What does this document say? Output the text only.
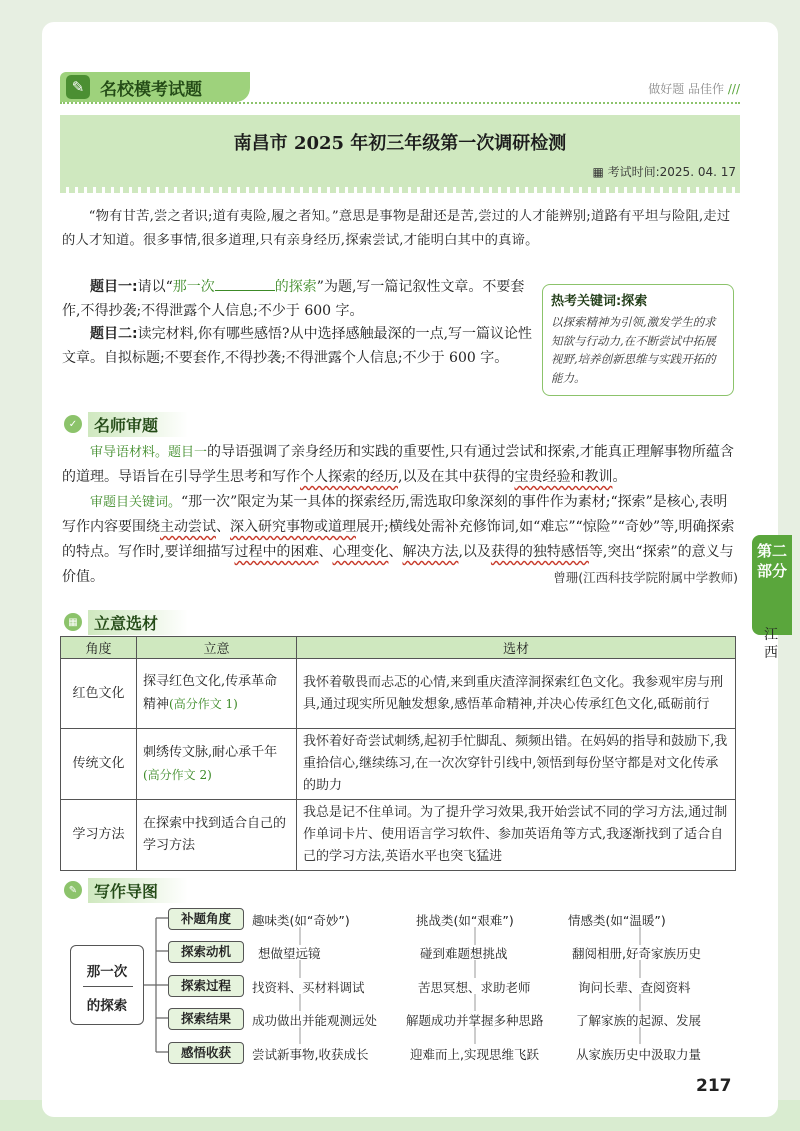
✎ 名校模考试题	做好题 品佳作 ///
南昌市 2025 年初三年级第一次调研检测
▦ 考试时间:2025. 04. 17
“物有甘苦,尝之者识;道有夷险,履之者知。”意思是事物是甜还是苦,尝过的人才能辨别;道路有平坦与险阻,走过的人才知道。很多事情,很多道理,只有亲身经历,探索尝试,才能明白其中的真谛。

题目一:请以“那一次	的探索”为题,写一篇记叙性文章。不要套作,不得抄袭;不得泄露个人信息;不少于 600 字。

题目二:读完材料,你有哪些感悟?从中选择感触最深的一点,写一篇议论性文章。自拟标题;不要套作,不得抄袭;不得泄露个人信息;不少于 600 字。

热考关键词:探索
以探索精神为引领,激发学生的求知欲与行动力,在不断尝试中拓展视野,培养创新思维与实践开拓的能力。
✓	名师审题

审导语材料。题目一的导语强调了亲身经历和实践的重要性,只有通过尝试和探索,才能真正理解事物所蕴含的道理。导语旨在引导学生思考和写作个人探索的经历,以及在其中获得的宝贵经验和教训。

审题目关键词。“那一次”限定为某一具体的探索经历,需选取印象深刻的事件作为素材;“探索”是核心,表明写作内容要围绕主动尝试、深入研究事物或道理展开;横线处需补充修饰词,如“难忘”“惊险”“奇妙”等,明确探索的特点。写作时,要详细描写过程中的困难、心理变化、解决方法,以及获得的独特感悟等,突出“探索”的意义与价值。	曾珊(江西科技学院附属中学教师)

第二部分
江西
▦	立意选材
角度	立意	选材
红色文化	探寻红色文化,传承革命精神(高分作文 1)	我怀着敬畏而忐忑的心情,来到重庆渣滓洞探索红色文化。我参观牢房与刑具,通过现实所见触发想象,感悟革命精神,并决心传承红色文化,砥砺前行
传统文化	刺绣传文脉,耐心承千年(高分作文 2)	我怀着好奇尝试刺绣,起初手忙脚乱、频频出错。在妈妈的指导和鼓励下,我重拾信心,继续练习,在一次次穿针引线中,领悟到每份坚守都是对文化传承的助力
学习方法	在探索中找到适合自己的学习方法	我总是记不住单词。为了提升学习效果,我开始尝试不同的学习方法,通过制作单词卡片、使用语言学习软件、参加英语角等方式,我逐渐找到了适合自己的学习方法,英语水平也突飞猛进
✎	写作导图
那一次
的探索
补题角度
探索动机
探索过程
探索结果
感悟收获
趣味类(如“奇妙”)	挑战类(如“艰难”)	情感类(如“温暖”)
想做望远镜	碰到难题想挑战	翻阅相册,好奇家族历史
找资料、买材料调试	苦思冥想、求助老师	询问长辈、查阅资料
成功做出并能观测远处 解题成功并掌握多种思路	了解家族的起源、发展
尝试新事物,收获成长	迎难而上,实现思维飞跃	从家族历史中汲取力量
217
